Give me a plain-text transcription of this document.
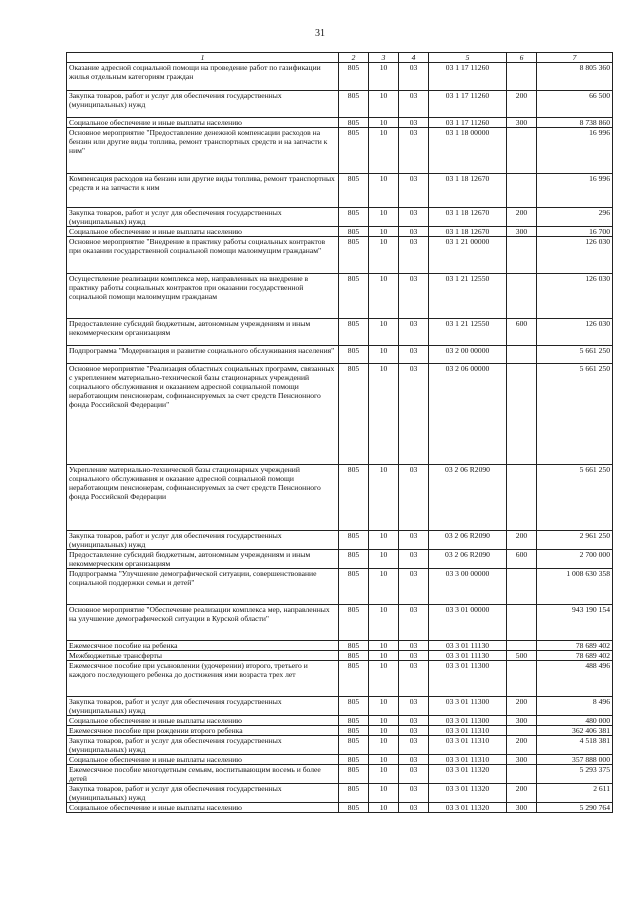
31
1	2	3	4	5	6	7
Оказание адресной социальной помощи на проведение работ по газификации жилья отдельным категориям граждан	805	10	03	03 1 17 11260		8 805 360
Закупка товаров, работ и услуг для обеспечения государственных (муниципальных) нужд	805	10	03	03 1 17 11260	200	66 500
Социальное обеспечение и иные выплаты населению	805	10	03	03 1 17 11260	300	8 738 860
Основное мероприятие "Предоставление денежной компенсации расходов на бензин или другие виды топлива, ремонт транспортных средств и на запчасти к ним"	805	10	03	03 1 18 00000		16 996
Компенсация расходов на бензин или другие виды топлива, ремонт транспортных средств и на запчасти к ним	805	10	03	03 1 18 12670		16 996
Закупка товаров, работ и услуг для обеспечения государственных (муниципальных) нужд	805	10	03	03 1 18 12670	200	296
Социальное обеспечение и иные выплаты населению	805	10	03	03 1 18 12670	300	16 700
Основное мероприятие "Внедрение в практику работы социальных контрактов при оказании государственной социальной помощи малоимущим гражданам"	805	10	03	03 1 21 00000		126 030
Осуществление реализации комплекса мер, направленных на внедрение в практику работы социальных контрактов при оказании государственной социальной помощи малоимущим гражданам	805	10	03	03 1 21 12550		126 030
Предоставление субсидий бюджетным, автономным учреждениям и иным некоммерческим организациям	805	10	03	03 1 21 12550	600	126 030
Подпрограмма "Модернизация и развитие социального обслуживания населения"	805	10	03	03 2 00 00000		5 661 250
Основное мероприятие "Реализация областных социальных программ, связанных с укреплением материально-технической базы стационарных учреждений социального обслуживания и оказанием адресной социальной помощи неработающим пенсионерам, софинансируемых за счет средств Пенсионного фонда Российской Федерации"	805	10	03	03 2 06 00000		5 661 250
Укрепление материально-технической базы стационарных учреждений социального обслуживания и оказание адресной социальной помощи неработающим пенсионерам, софинансируемых за счет средств Пенсионного фонда Российской Федерации	805	10	03	03 2 06 R2090		5 661 250
Закупка товаров, работ и услуг для обеспечения государственных (муниципальных) нужд	805	10	03	03 2 06 R2090	200	2 961 250
Предоставление субсидий бюджетным, автономным учреждениям и иным некоммерческим организациям	805	10	03	03 2 06 R2090	600	2 700 000
Подпрограмма "Улучшение демографической ситуации, совершенствование социальной поддержки семьи и детей"	805	10	03	03 3 00 00000		1 008 630 358
Основное мероприятие "Обеспечение реализации комплекса мер, направленных на улучшение демографической ситуации в Курской области"	805	10	03	03 3 01 00000		943 190 154
Ежемесячное пособие на ребенка	805	10	03	03 3 01 11130		78 689 402
Межбюджетные трансферты	805	10	03	03 3 01 11130	500	78 689 402
Ежемесячное пособие при усыновлении (удочерении) второго, третьего и каждого последующего ребенка до достижения ими возраста трех лет	805	10	03	03 3 01 11300		488 496
Закупка товаров, работ и услуг для обеспечения государственных (муниципальных) нужд	805	10	03	03 3 01 11300	200	8 496
Социальное обеспечение и иные выплаты населению	805	10	03	03 3 01 11300	300	480 000
Ежемесячное пособие при рождении второго ребенка	805	10	03	03 3 01 11310		362 406 381
Закупка товаров, работ и услуг для обеспечения государственных (муниципальных) нужд	805	10	03	03 3 01 11310	200	4 518 381
Социальное обеспечение и иные выплаты населению	805	10	03	03 3 01 11310	300	357 888 000
Ежемесячное пособие многодетным семьям, воспитывающим восемь и более детей	805	10	03	03 3 01 11320		5 293 375
Закупка товаров, работ и услуг для обеспечения государственных (муниципальных) нужд	805	10	03	03 3 01 11320	200	2 611
Социальное обеспечение и иные выплаты населению	805	10	03	03 3 01 11320	300	5 290 764
